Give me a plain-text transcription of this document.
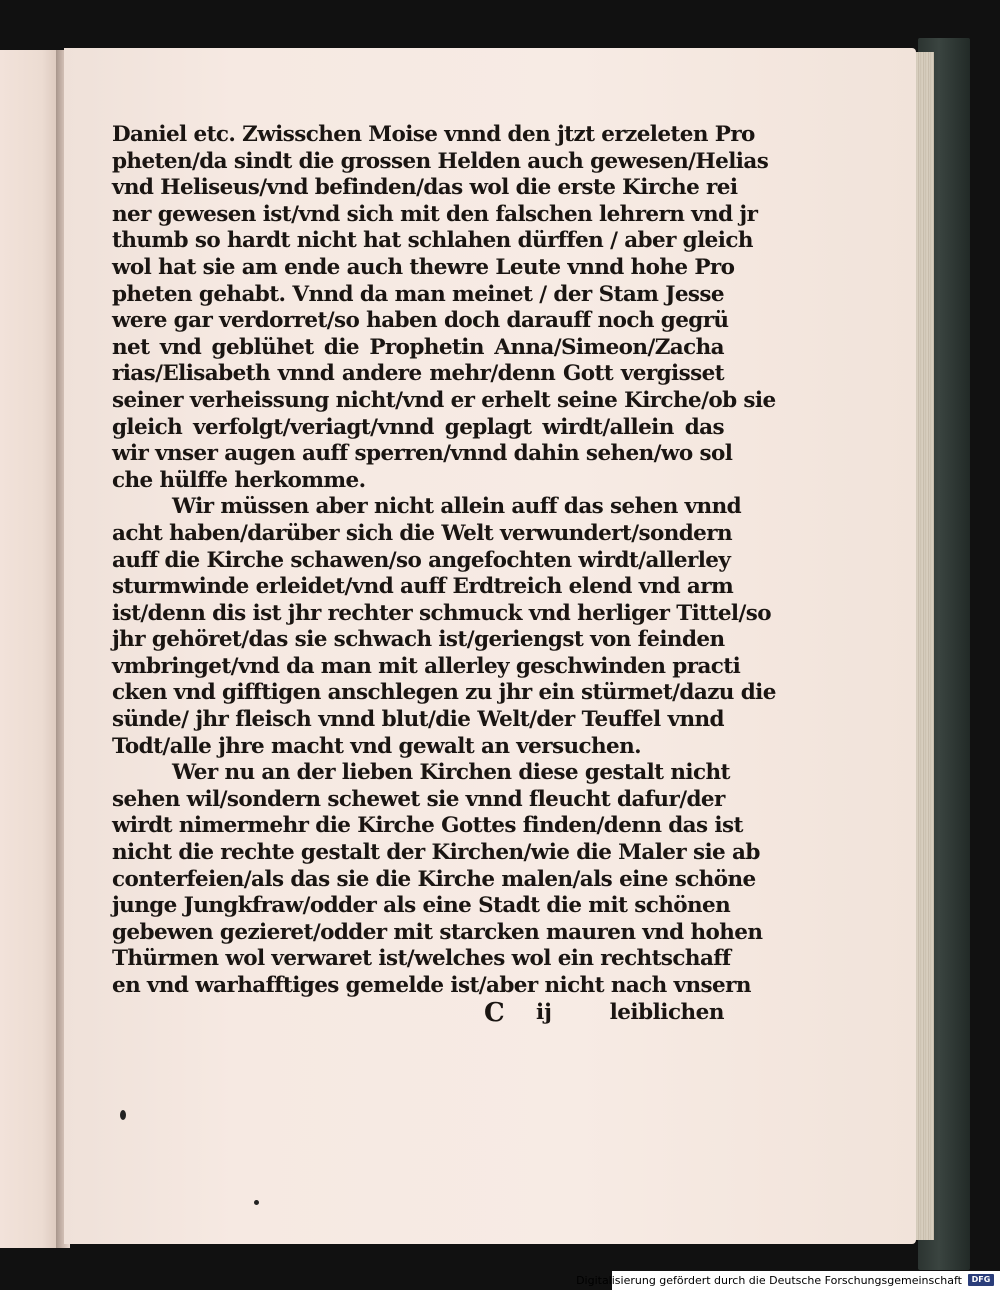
Daniel etc. Zwisschen Moise vnnd den jtzt erzeleten Pro
pheten/da sindt die grossen Helden auch gewesen/Helias
vnd Heliseus/vnd befinden/das wol die erste Kirche rei
ner gewesen ist/vnd sich mit den falschen lehrern vnd jr
thumb so hardt nicht hat schlahen dürffen / aber gleich
wol hat sie am ende auch thewre Leute vnnd hohe Pro
pheten gehabt. Vnnd da man meinet / der Stam Jesse
were gar verdorret/so haben doch darauff noch gegrü
net vnd geblühet die Prophetin Anna/Simeon/Zacha
rias/Elisabeth vnnd andere mehr/denn Gott vergisset
seiner verheissung nicht/vnd er erhelt seine Kirche/ob sie
gleich verfolgt/veriagt/vnnd geplagt wirdt/allein das
wir vnser augen auff sperren/vnnd dahin sehen/wo sol
che hülffe herkomme.
Wir müssen aber nicht allein auff das sehen vnnd
acht haben/darüber sich die Welt verwundert/sondern
auff die Kirche schawen/so angefochten wirdt/allerley
sturmwinde erleidet/vnd auff Erdtreich elend vnd arm
ist/denn dis ist jhr rechter schmuck vnd herliger Tittel/so
jhr gehöret/das sie schwach ist/geriengst von feinden
vmbringet/vnd da man mit allerley geschwinden practi
cken vnd gifftigen anschlegen zu jhr ein stürmet/dazu die
sünde/ jhr fleisch vnnd blut/die Welt/der Teuffel vnnd
Todt/alle jhre macht vnd gewalt an versuchen.
Wer nu an der lieben Kirchen diese gestalt nicht
sehen wil/sondern schewet sie vnnd fleucht dafur/der
wirdt nimermehr die Kirche Gottes finden/denn das ist
nicht die rechte gestalt der Kirchen/wie die Maler sie ab
conterfeien/als das sie die Kirche malen/als eine schöne
junge Jungkfraw/odder als eine Stadt die mit schönen
gebewen gezieret/odder mit starcken mauren vnd hohen
Thürmen wol verwaret ist/welches wol ein rechtschaff
en vnd warhafftiges gemelde ist/aber nicht nach vnsern
C ij	leiblichen
Digitalisierung gefördert durch die Deutsche Forschungsgemeinschaft	DFG
